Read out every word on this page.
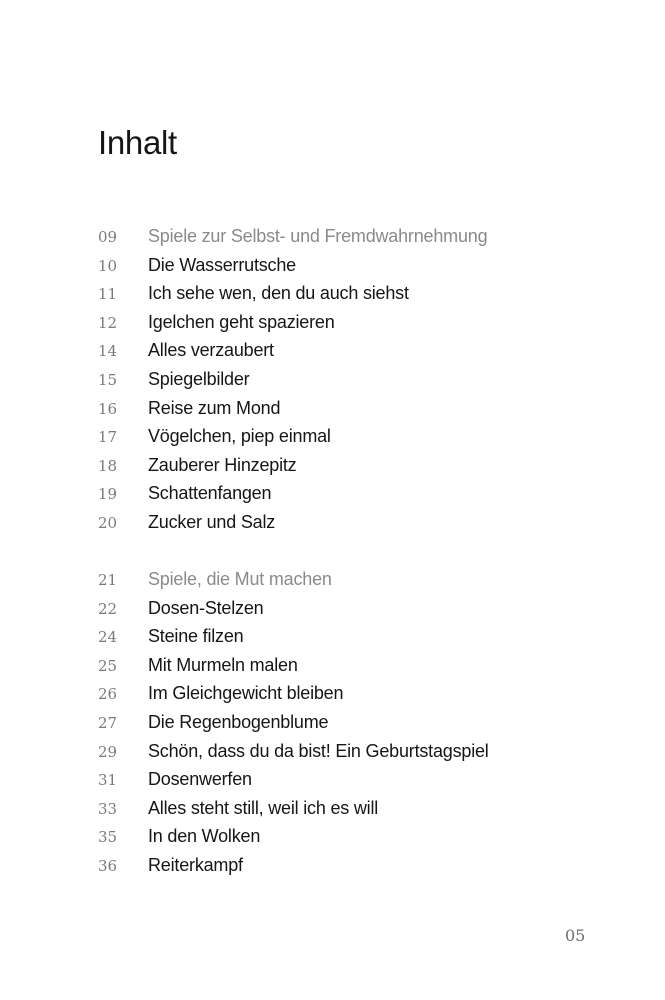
Inhalt
09	Spiele zur Selbst- und Fremdwahrnehmung
10	Die Wasserrutsche
11	Ich sehe wen, den du auch siehst
12	Igelchen geht spazieren
14	Alles verzaubert
15	Spiegelbilder
16	Reise zum Mond
17	Vögelchen, piep einmal
18	Zauberer Hinzepitz
19	Schattenfangen
20	Zucker und Salz
21	Spiele, die Mut machen
22	Dosen-Stelzen
24	Steine filzen
25	Mit Murmeln malen
26	Im Gleichgewicht bleiben
27	Die Regenbogenblume
29	Schön, dass du da bist! Ein Geburtstagspiel
31	Dosenwerfen
33	Alles steht still, weil ich es will
35	In den Wolken
36	Reiterkampf
05
